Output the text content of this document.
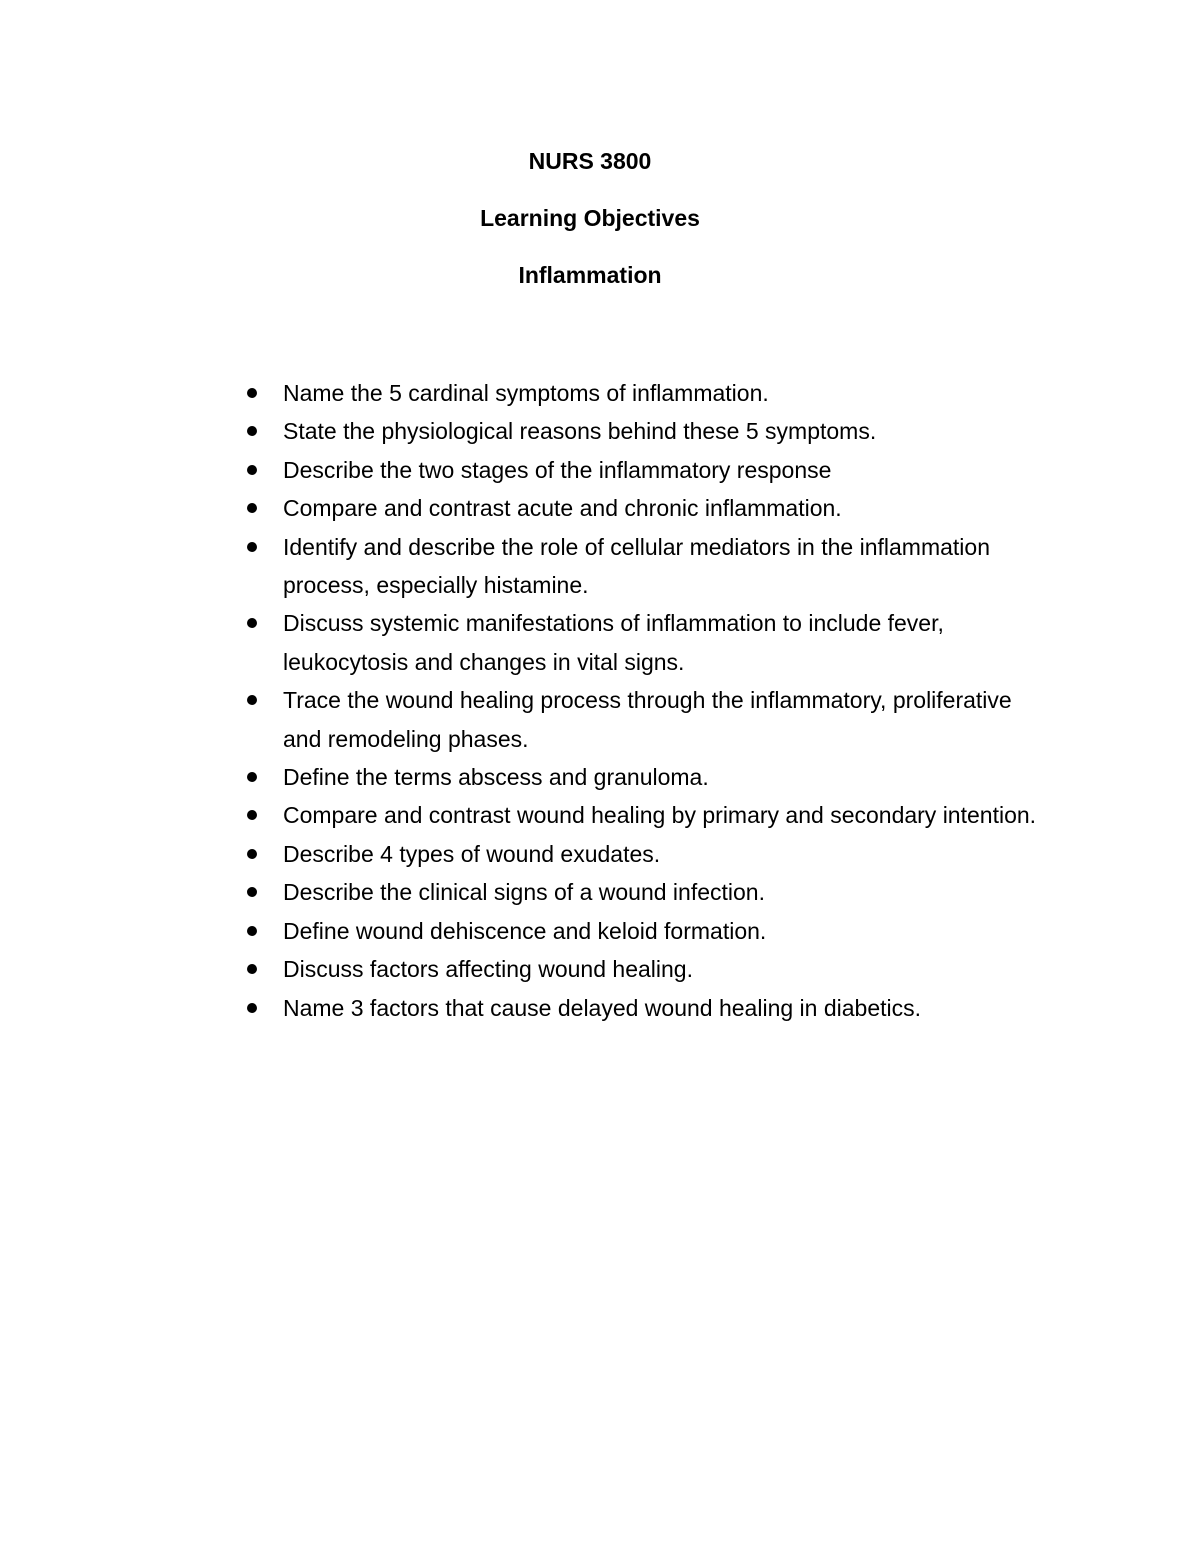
NURS 3800
Learning Objectives
Inflammation
Name the 5 cardinal symptoms of inflammation.
State the physiological reasons behind these 5 symptoms.
Describe the two stages of the inflammatory response
Compare and contrast acute and chronic inflammation.
Identify and describe the role of cellular mediators in the inflammation process, especially histamine.
Discuss systemic manifestations of inflammation to include fever, leukocytosis and changes in vital signs.
Trace the wound healing process through the inflammatory, proliferative and remodeling phases.
Define the terms abscess and granuloma.
Compare and contrast wound healing by primary and secondary intention.
Describe 4 types of wound exudates.
Describe the clinical signs of a wound infection.
Define wound dehiscence and keloid formation.
Discuss factors affecting wound healing.
Name 3 factors that cause delayed wound healing in diabetics.
